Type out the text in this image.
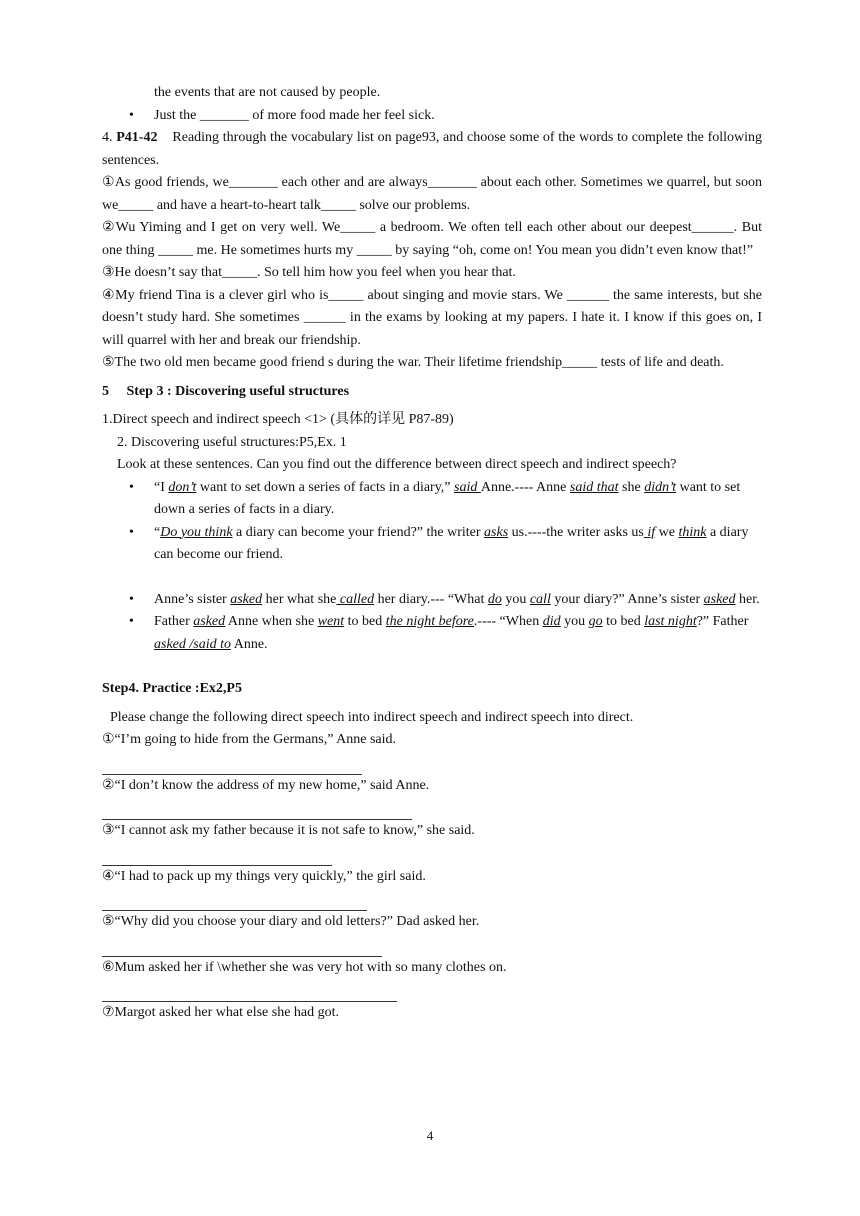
the events that are not caused by people.

• Just the _______ of more food made her feel sick.

4. P41-42 Reading through the vocabulary list on page93, and choose some of the words to complete the following sentences.

①As good friends, we_______ each other and are always_______ about each other. Sometimes we quarrel, but soon we_____ and have a heart-to-heart talk_____ solve our problems.

②Wu Yiming and I get on very well. We_____ a bedroom. We often tell each other about our deepest______. But one thing _____ me. He sometimes hurts my _____ by saying “oh, come on! You mean you didn’t even know that!”

③He doesn’t say that_____. So tell him how you feel when you hear that.

④My friend Tina is a clever girl who is_____ about singing and movie stars. We ______ the same interests, but she doesn’t study hard. She sometimes ______ in the exams by looking at my papers. I hate it. I know if this goes on, I will quarrel with her and break our friendship.

⑤The two old men became good friend s during the war. Their lifetime friendship_____ tests of life and death.

5     Step 3 : Discovering useful structures

1.Direct speech and indirect speech <1> (具体的详见 P87-89)

2. Discovering useful structures:P5,Ex. 1

Look at these sentences. Can you find out the difference between direct speech and indirect speech?

• “I don’t want to set down a series of facts in a diary,” said Anne.---- Anne said that she didn’t want to set down a series of facts in a diary.

• “Do you think a diary can become your friend?” the writer asks us.----the writer asks us if we think a diary can become our friend.

• Anne’s sister asked her what she called her diary.--- “What do you call your diary?” Anne’s sister asked her.

• Father asked Anne when she went to bed the night before.---- “When did you go to bed last night?” Father asked /said to Anne.

Step4. Practice :Ex2,P5

Please change the following direct speech into indirect speech and indirect speech into direct.

①“I’m going to hide from the Germans,” Anne said.

②“I don’t know the address of my new home,” said Anne.

③“I cannot ask my father because it is not safe to know,” she said.

④“I had to pack up my things very quickly,” the girl said.

⑤“Why did you choose your diary and old letters?” Dad asked her.

⑥Mum asked her if \whether she was very hot with so many clothes on.

⑦Margot asked her what else she had got.

4
